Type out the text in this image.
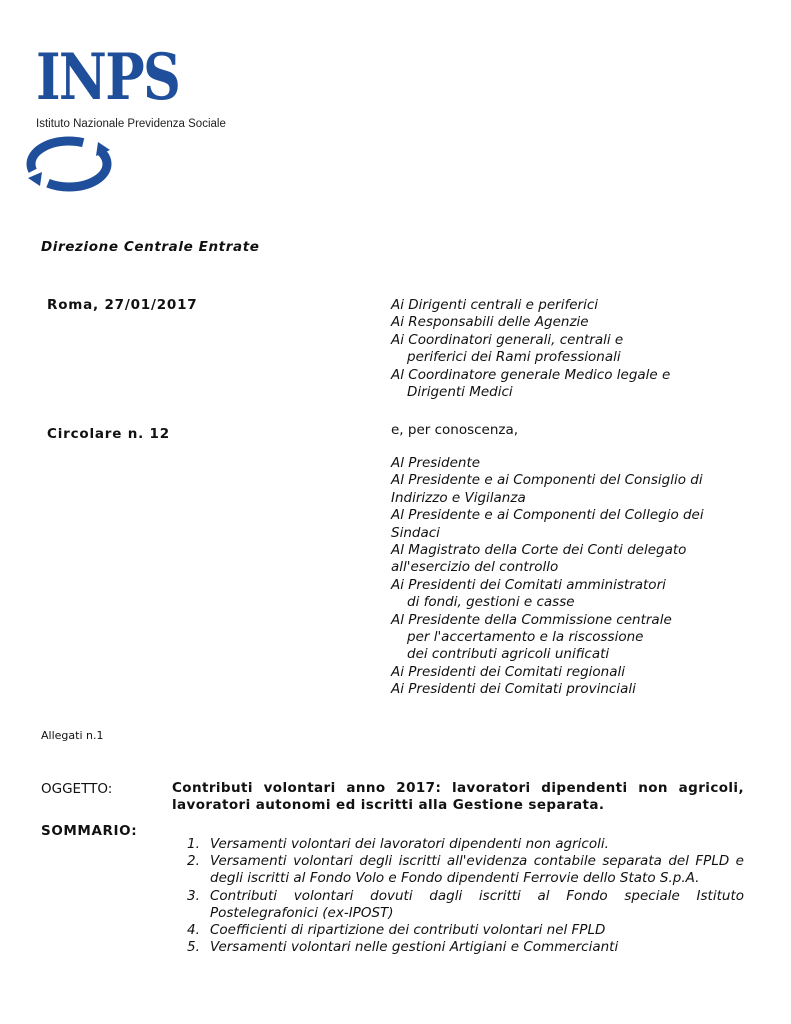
INPS
Istituto Nazionale Previdenza Sociale
Direzione Centrale Entrate
Roma, 27/01/2017
Circolare n. 12
Ai Dirigenti centrali e periferici
Ai Responsabili delle Agenzie
Ai Coordinatori generali, centrali e
periferici dei Rami professionali
Al Coordinatore generale Medico legale e
Dirigenti Medici
e, per conoscenza,
Al Presidente
Al Presidente e ai Componenti del Consiglio di
Indirizzo e Vigilanza
Al Presidente e ai Componenti del Collegio dei
Sindaci
Al Magistrato della Corte dei Conti delegato
all'esercizio del controllo
Ai Presidenti dei Comitati amministratori
di fondi, gestioni e casse
Al Presidente della Commissione centrale
per l'accertamento e la riscossione
dei contributi agricoli unificati
Ai Presidenti dei Comitati regionali
Ai Presidenti dei Comitati provinciali
Allegati n.1
OGGETTO:	Contributi volontari anno 2017: lavoratori dipendenti non agricoli, lavoratori autonomi ed iscritti alla Gestione separata.

SOMMARIO:
1. Versamenti volontari dei lavoratori dipendenti non agricoli.
2. Versamenti volontari degli iscritti all'evidenza contabile separata del FPLD e degli iscritti al Fondo Volo e Fondo dipendenti Ferrovie dello Stato S.p.A.
3. Contributi volontari dovuti dagli iscritti al Fondo speciale Istituto Postelegrafonici (ex-IPOST)
4. Coefficienti di ripartizione dei contributi volontari nel FPLD
5. Versamenti volontari nelle gestioni Artigiani e Commercianti
